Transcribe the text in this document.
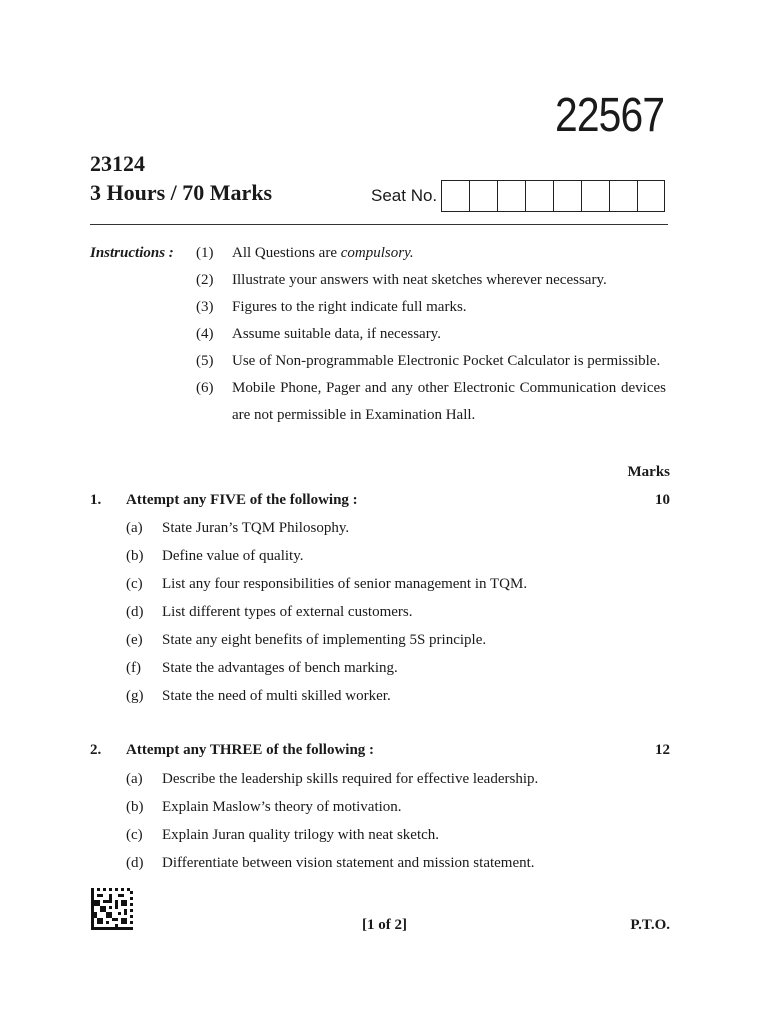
22567
23124
3 Hours / 70 Marks	Seat No.
Instructions : (1)	All Questions are compulsory.
(2)	Illustrate your answers with neat sketches wherever necessary.
(3)	Figures to the right indicate full marks.
(4)	Assume suitable data, if necessary.
(5)	Use of Non-programmable Electronic Pocket Calculator is permissible.
(6)	Mobile Phone, Pager and any other Electronic Communication devices are not permissible in Examination Hall.
Marks
1. Attempt any FIVE of the following :	10
(a)	State Juran’s TQM Philosophy.
(b)	Define value of quality.
(c)	List any four responsibilities of senior management in TQM.
(d)	List different types of external customers.
(e)	State any eight benefits of implementing 5S principle.
(f)	State the advantages of bench marking.
(g)	State the need of multi skilled worker.
2. Attempt any THREE of the following :	12
(a)	Describe the leadership skills required for effective leadership.
(b)	Explain Maslow’s theory of motivation.
(c)	Explain Juran quality trilogy with neat sketch.
(d)	Differentiate between vision statement and mission statement.
[1 of 2]	P.T.O.
